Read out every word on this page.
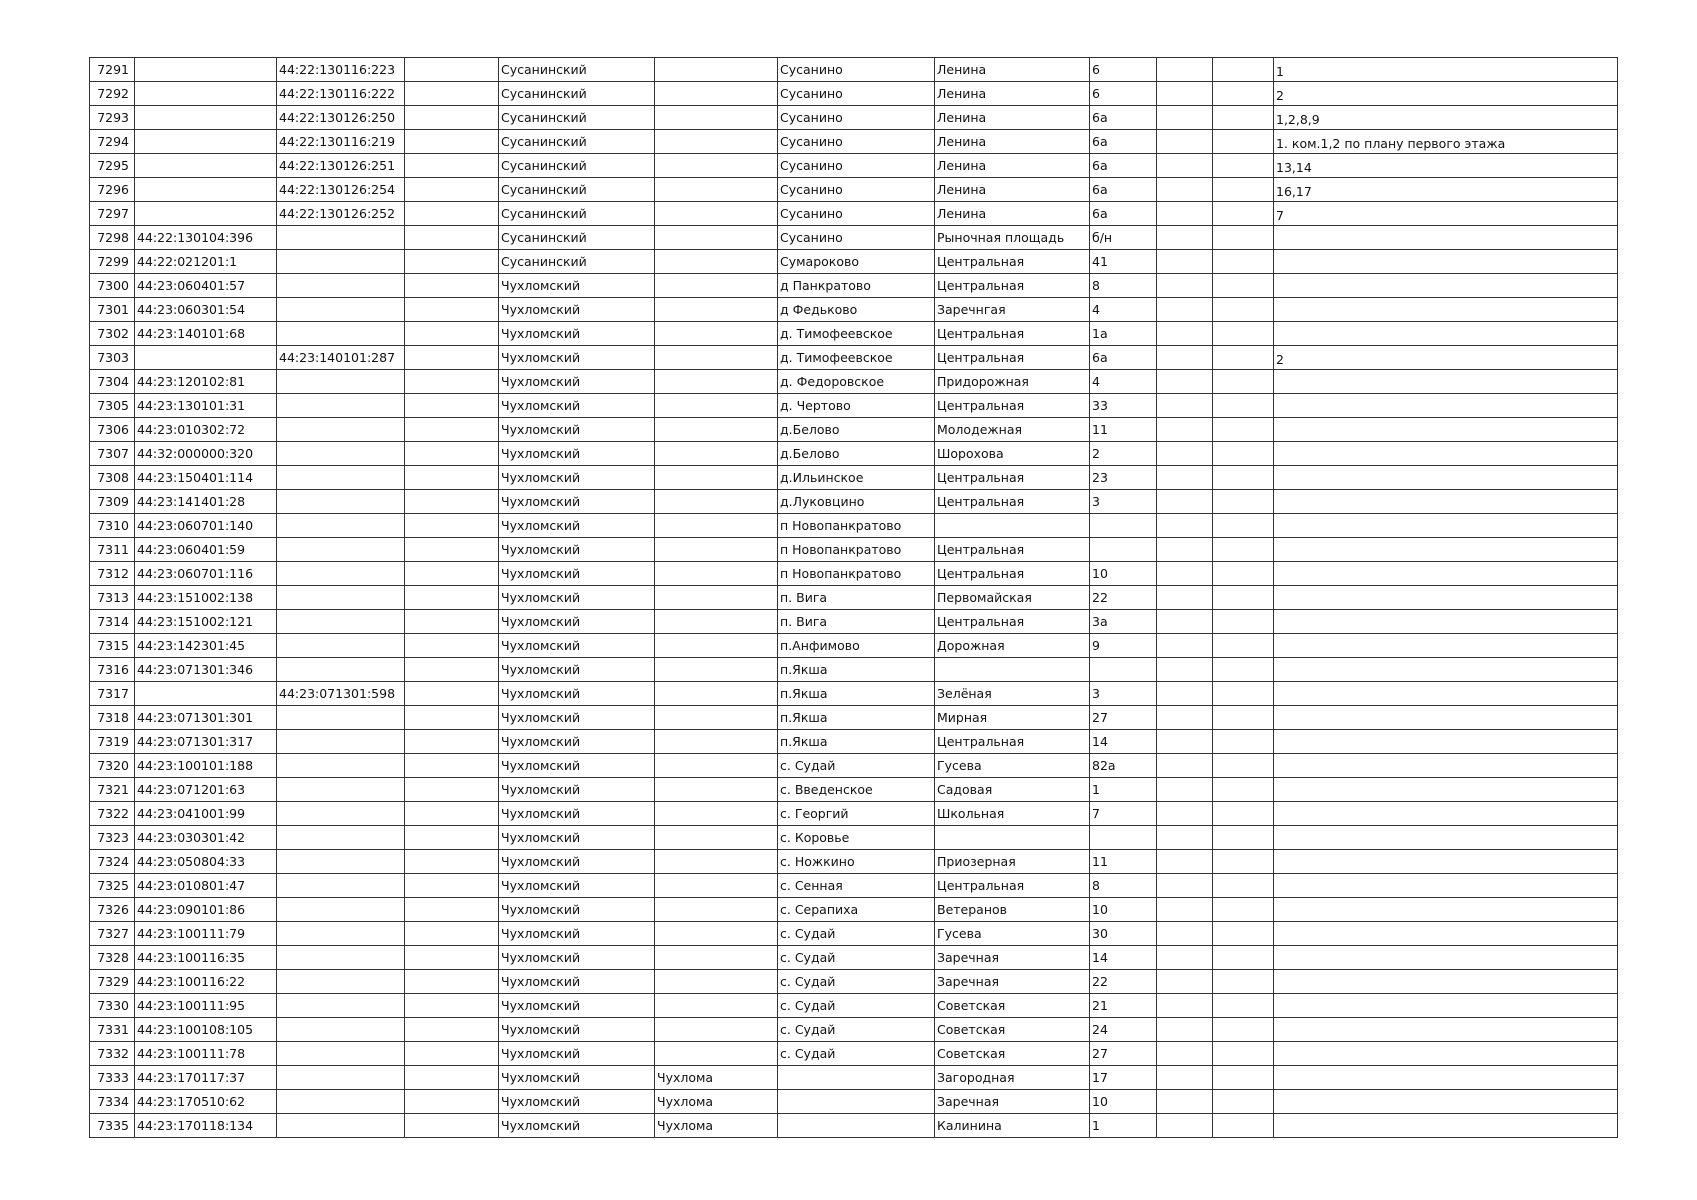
7291		44:22:130116:223		Сусанинский		Сусанино	Ленина	6			1
7292		44:22:130116:222		Сусанинский		Сусанино	Ленина	6			2
7293		44:22:130126:250		Сусанинский		Сусанино	Ленина	6а			1,2,8,9
7294		44:22:130116:219		Сусанинский		Сусанино	Ленина	6а			1. ком.1,2 по плану первого этажа
7295		44:22:130126:251		Сусанинский		Сусанино	Ленина	6а			13,14
7296		44:22:130126:254		Сусанинский		Сусанино	Ленина	6а			16,17
7297		44:22:130126:252		Сусанинский		Сусанино	Ленина	6а			7
7298	44:22:130104:396			Сусанинский		Сусанино	Рыночная площадь	б/н			
7299	44:22:021201:1			Сусанинский		Сумароково	Центральная	41			
7300	44:23:060401:57			Чухломский		д Панкратово	Центральная	8			
7301	44:23:060301:54			Чухломский		д Федьково	Заречнгая	4			
7302	44:23:140101:68			Чухломский		д. Тимофеевское	Центральная	1а			
7303		44:23:140101:287		Чухломский		д. Тимофеевское	Центральная	6а			2
7304	44:23:120102:81			Чухломский		д. Федоровское	Придорожная	4			
7305	44:23:130101:31			Чухломский		д. Чертово	Центральная	33			
7306	44:23:010302:72			Чухломский		д.Белово	Молодежная	11			
7307	44:32:000000:320			Чухломский		д.Белово	Шорохова	2			
7308	44:23:150401:114			Чухломский		д.Ильинское	Центральная	23			
7309	44:23:141401:28			Чухломский		д.Луковцино	Центральная	3			
7310	44:23:060701:140			Чухломский		п Новопанкратово					
7311	44:23:060401:59			Чухломский		п Новопанкратово	Центральная				
7312	44:23:060701:116			Чухломский		п Новопанкратово	Центральная	10			
7313	44:23:151002:138			Чухломский		п. Вига	Первомайская	22			
7314	44:23:151002:121			Чухломский		п. Вига	Центральная	3а			
7315	44:23:142301:45			Чухломский		п.Анфимово	Дорожная	9			
7316	44:23:071301:346			Чухломский		п.Якша					
7317		44:23:071301:598		Чухломский		п.Якша	Зелёная	3			
7318	44:23:071301:301			Чухломский		п.Якша	Мирная	27			
7319	44:23:071301:317			Чухломский		п.Якша	Центральная	14			
7320	44:23:100101:188			Чухломский		с. Судай	Гусева	82а			
7321	44:23:071201:63			Чухломский		с. Введенское	Садовая	1			
7322	44:23:041001:99			Чухломский		с. Георгий	Школьная	7			
7323	44:23:030301:42			Чухломский		с. Коровье					
7324	44:23:050804:33			Чухломский		с. Ножкино	Приозерная	11			
7325	44:23:010801:47			Чухломский		с. Сенная	Центральная	8			
7326	44:23:090101:86			Чухломский		с. Серапиха	Ветеранов	10			
7327	44:23:100111:79			Чухломский		с. Судай	Гусева	30			
7328	44:23:100116:35			Чухломский		с. Судай	Заречная	14			
7329	44:23:100116:22			Чухломский		с. Судай	Заречная	22			
7330	44:23:100111:95			Чухломский		с. Судай	Советская	21			
7331	44:23:100108:105			Чухломский		с. Судай	Советская	24			
7332	44:23:100111:78			Чухломский		с. Судай	Советская	27			
7333	44:23:170117:37			Чухломский	Чухлома		Загородная	17			
7334	44:23:170510:62			Чухломский	Чухлома		Заречная	10			
7335	44:23:170118:134			Чухломский	Чухлома		Калинина	1			
